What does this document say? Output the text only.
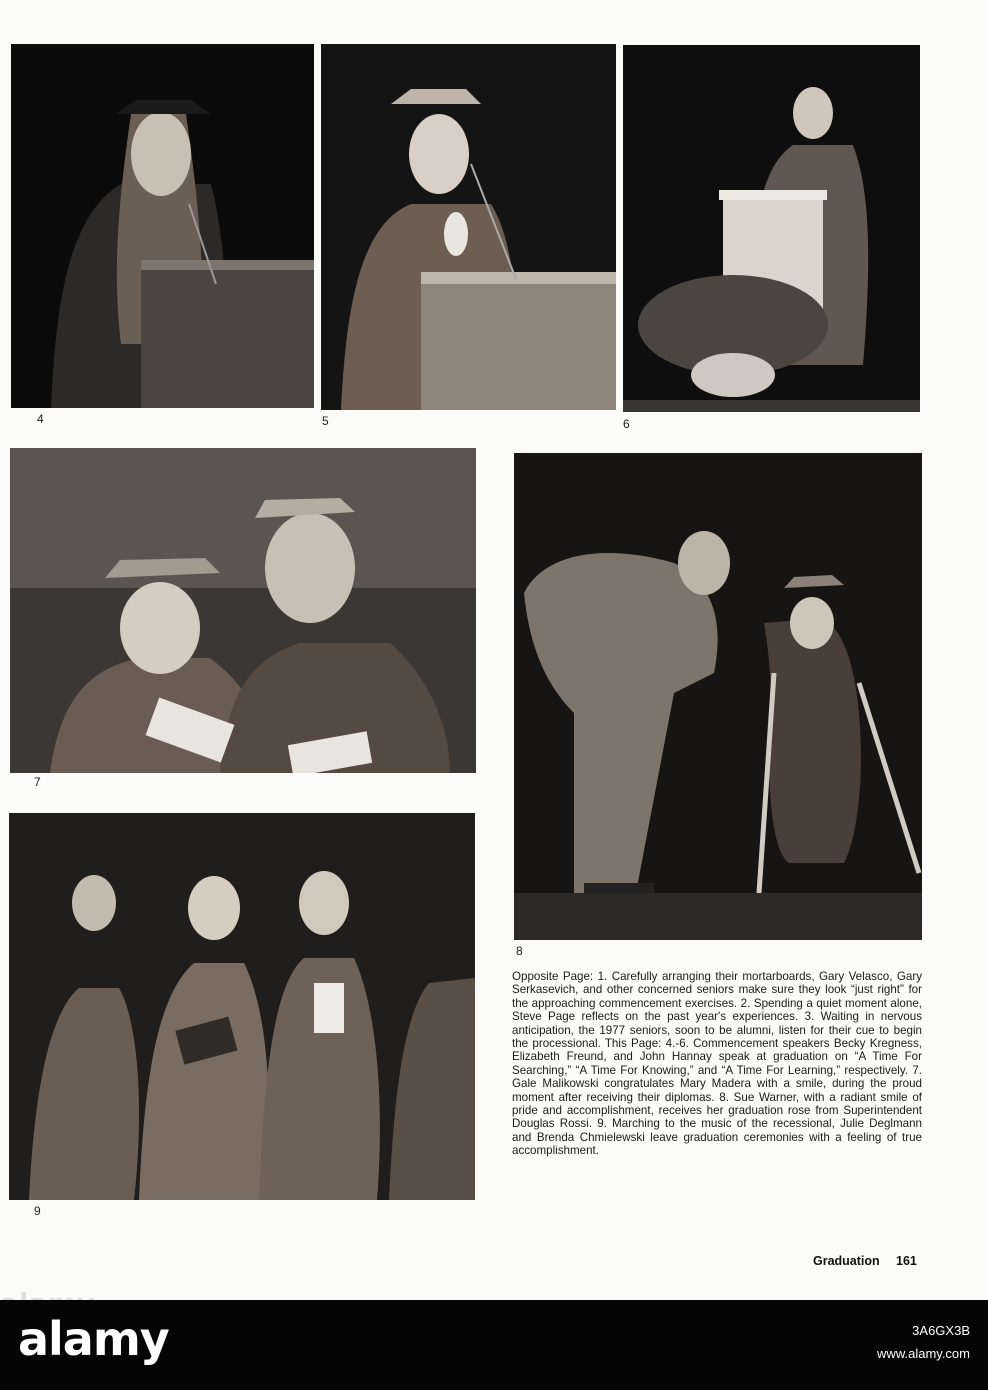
4	5	6
7
8
9
Opposite Page: 1. Carefully arranging their mortarboards, Gary Velasco, Gary Serkasevich, and other concerned seniors make sure they look “just right” for the approaching commencement exercises. 2. Spending a quiet moment alone, Steve Page reflects on the past year's experiences. 3. Waiting in nervous anticipation, the 1977 seniors, soon to be alumni, listen for their cue to begin the processional. This Page: 4.-6. Commencement speakers Becky Kregness, Elizabeth Freund, and John Hannay speak at graduation on “A Time For Searching,” “A Time For Knowing,” and “A Time For Learning,” respectively. 7. Gale Malikowski congratulates Mary Madera with a smile, during the proud moment after receiving their diplomas. 8. Sue Warner, with a radiant smile of pride and accomplishment, receives her graduation rose from Superintendent Douglas Rossi. 9. Marching to the music of the recessional, Julie Deglmann and Brenda Chmielewski leave graduation ceremonies with a feeling of true accomplishment.
Graduation 161
alamy	3A6GX3B
www.alamy.com
